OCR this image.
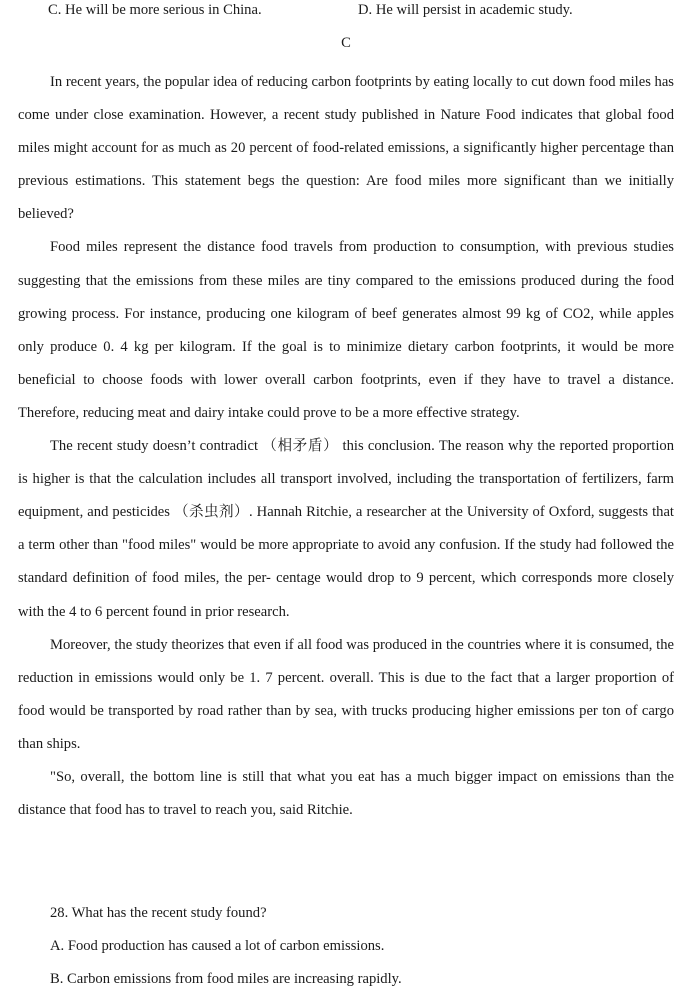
C. He will be more serious in China.	D. He will persist in academic study.
C

In recent years, the popular idea of reducing carbon footprints by eating locally to cut down food miles has come under close examination. However, a recent study published in Nature Food indicates that global food miles might account for as much as 20 percent of food-related emissions, a significantly higher percentage than previous estimations. This statement begs the question: Are food miles more significant than we initially believed?

Food miles represent the distance food travels from production to consumption, with previous studies suggesting that the emissions from these miles are tiny compared to the emissions produced during the food growing process. For instance, producing one kilogram of beef generates almost 99 kg of CO2, while apples only produce 0. 4 kg per kilogram. If the goal is to minimize dietary carbon footprints, it would be more beneficial to choose foods with lower overall carbon footprints, even if they have to travel a distance. Therefore, reducing meat and dairy intake could prove to be a more effective strategy.

The recent study doesn’t contradict （相矛盾） this conclusion. The reason why the reported proportion is higher is that the calculation includes all transport involved, including the transportation of fertilizers, farm equipment, and pesticides （杀虫剂）. Hannah Ritchie, a researcher at the University of Oxford, suggests that a term other than "food miles" would be more appropriate to avoid any confusion. If the study had followed the standard definition of food miles, the per- centage would drop to 9 percent, which corresponds more closely with the 4 to 6 percent found in prior research.

Moreover, the study theorizes that even if all food was produced in the countries where it is consumed, the reduction in emissions would only be 1. 7 percent. overall. This is due to the fact that a larger proportion of food would be transported by road rather than by sea, with trucks producing higher emissions per ton of cargo than ships.

"So, overall, the bottom line is still that what you eat has a much bigger impact on emissions than the distance that food has to travel to reach you, said Ritchie.

28. What has the recent study found?
A. Food production has caused a lot of carbon emissions.
B. Carbon emissions from food miles are increasing rapidly.
